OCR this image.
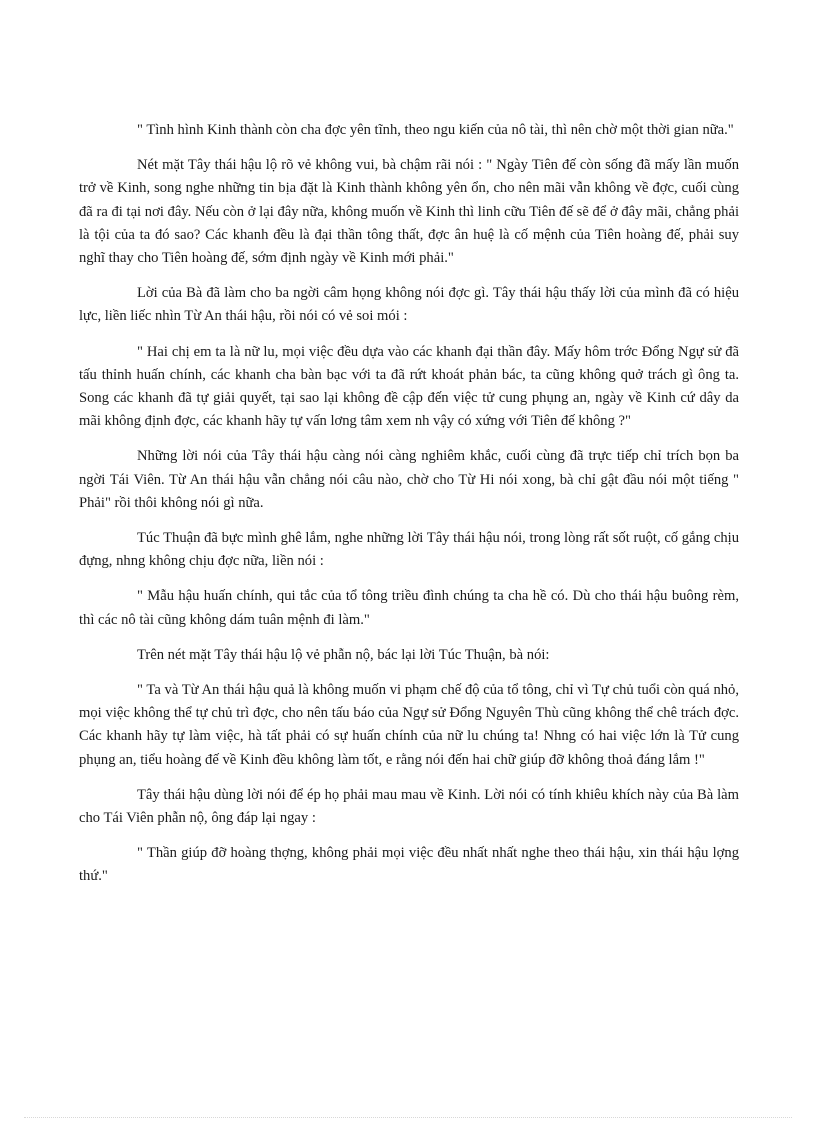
" Tình hình Kinh thành còn cha đợc yên tĩnh, theo ngu kiến của nô tài, thì nên chờ một thời gian nữa."

Nét mặt Tây thái hậu lộ rõ vẻ không vui, bà chậm rãi nói : " Ngày Tiên đế còn sống đã mấy lần muốn trở về Kinh, song nghe những tin bịa đặt là Kinh thành không yên ổn, cho nên mãi vẫn không về đợc, cuối cùng đã ra đi tại nơi đây. Nếu còn ở lại đây nữa, không muốn về Kinh thì linh cữu Tiên đế sẽ để ở đây mãi, chẳng phải là tội của ta đó sao? Các khanh đều là đại thần tông thất, đợc ân huệ là cố mệnh của Tiên hoàng đế, phải suy nghĩ thay cho Tiên hoàng đế, sớm định ngày về Kinh mới phải."

Lời của Bà đã làm cho ba ngời câm họng không nói đợc gì. Tây thái hậu thấy lời của mình đã có hiệu lực, liền liếc nhìn Từ An thái hậu, rồi nói có vẻ soi mói :

" Hai chị em ta là nữ lu, mọi việc đều dựa vào các khanh đại thần đây. Mấy hôm trớc Đổng Ngự sử đã tấu thỉnh huấn chính, các khanh cha bàn bạc với ta đã rứt khoát phản bác, ta cũng không quở trách gì ông ta. Song các khanh đã tự giải quyết, tại sao lại không đề cập đến việc tử cung phụng an, ngày về Kinh cứ dây da mãi không định đợc, các khanh hãy tự vấn lơng tâm xem nh vậy có xứng với Tiên đế không ?"

Những lời nói của Tây thái hậu càng nói càng nghiêm khắc, cuối cùng đã trực tiếp chỉ trích bọn ba ngời Tái Viên. Từ An thái hậu vẫn chẳng nói câu nào, chờ cho Từ Hi nói xong, bà chỉ gật đầu nói một tiếng " Phải" rồi thôi không nói gì nữa.

Túc Thuận đã bực mình ghê lắm, nghe những lời Tây thái hậu nói, trong lòng rất sốt ruột, cố gắng chịu đựng, nhng không chịu đợc nữa, liền nói :

" Mẫu hậu huấn chính, qui tắc của tổ tông triều đình chúng ta cha hề có. Dù cho thái hậu buông rèm, thì các nô tài cũng không dám tuân mệnh đi làm."

Trên nét mặt Tây thái hậu lộ vẻ phẫn nộ, bác lại lời Túc Thuận, bà nói:

" Ta và Từ An thái hậu quả là không muốn vi phạm chế độ của tổ tông, chỉ vì Tự chủ tuổi còn quá nhỏ, mọi việc không thể tự chủ trì đợc, cho nên tấu báo của Ngự sử Đổng Nguyên Thù cũng không thể chê trách đợc. Các khanh hãy tự làm việc, hà tất phải có sự huấn chính của nữ lu chúng ta! Nhng có hai việc lớn là Tử cung phụng an, tiểu hoàng đế về Kinh đều không làm tốt, e rằng nói đến hai chữ giúp đỡ không thoả đáng lắm !"

Tây thái hậu dùng lời nói để ép họ phải mau mau về Kinh. Lời nói có tính khiêu khích này của Bà làm cho Tái Viên phẫn nộ, ông đáp lại ngay :

" Thần giúp đỡ hoàng thợng, không phải mọi việc đều nhất nhất nghe theo thái hậu, xin thái hậu lợng thứ."
